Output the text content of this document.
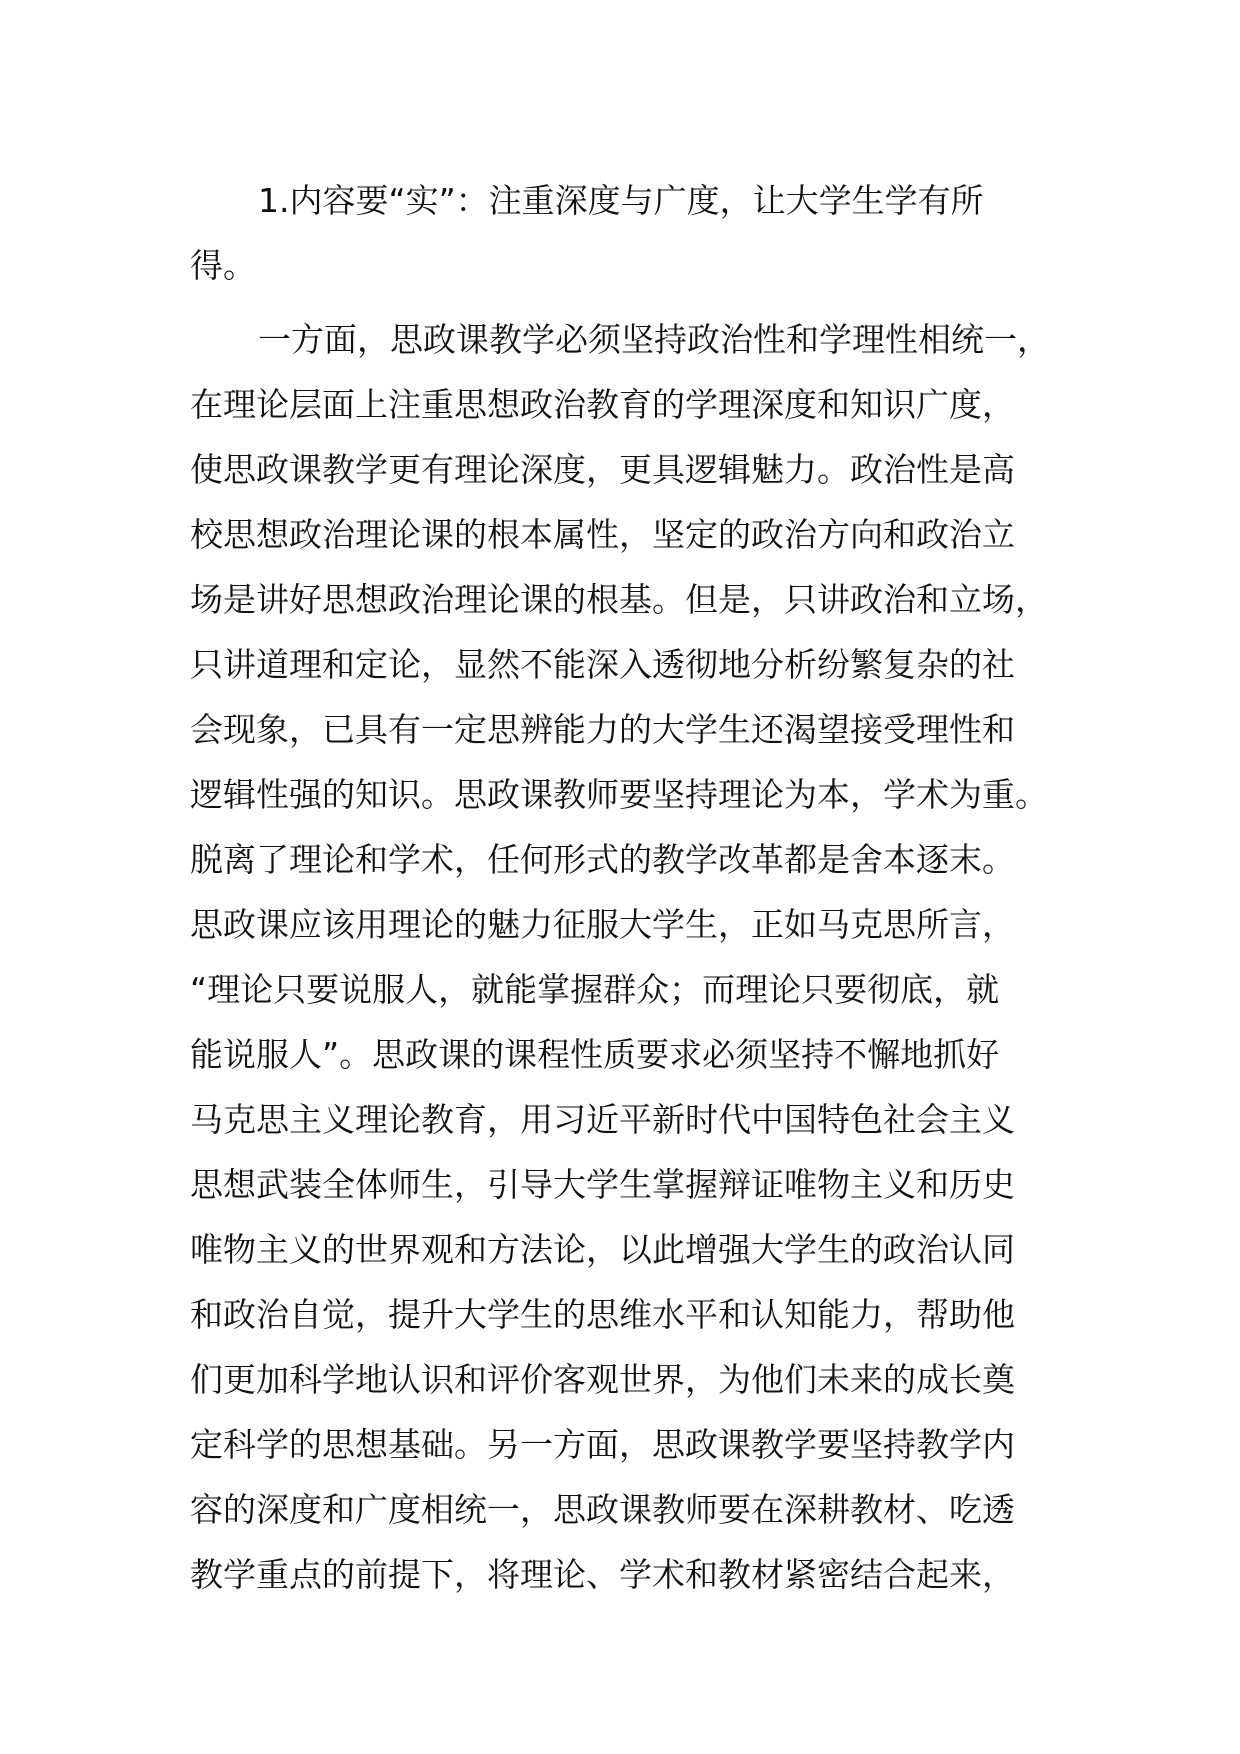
1.内容要“实”：注重深度与广度，让大学生学有所
得。
一方面，思政课教学必须坚持政治性和学理性相统一，
在理论层面上注重思想政治教育的学理深度和知识广度，
使思政课教学更有理论深度，更具逻辑魅力。政治性是高
校思想政治理论课的根本属性，坚定的政治方向和政治立
场是讲好思想政治理论课的根基。但是，只讲政治和立场，
只讲道理和定论，显然不能深入透彻地分析纷繁复杂的社
会现象，已具有一定思辨能力的大学生还渴望接受理性和
逻辑性强的知识。思政课教师要坚持理论为本，学术为重。
脱离了理论和学术，任何形式的教学改革都是舍本逐末。
思政课应该用理论的魅力征服大学生，正如马克思所言，
“理论只要说服人，就能掌握群众；而理论只要彻底，就
能说服人”。思政课的课程性质要求必须坚持不懈地抓好
马克思主义理论教育，用习近平新时代中国特色社会主义
思想武装全体师生，引导大学生掌握辩证唯物主义和历史
唯物主义的世界观和方法论，以此增强大学生的政治认同
和政治自觉，提升大学生的思维水平和认知能力，帮助他
们更加科学地认识和评价客观世界，为他们未来的成长奠
定科学的思想基础。另一方面，思政课教学要坚持教学内
容的深度和广度相统一，思政课教师要在深耕教材、吃透
教学重点的前提下，将理论、学术和教材紧密结合起来，
